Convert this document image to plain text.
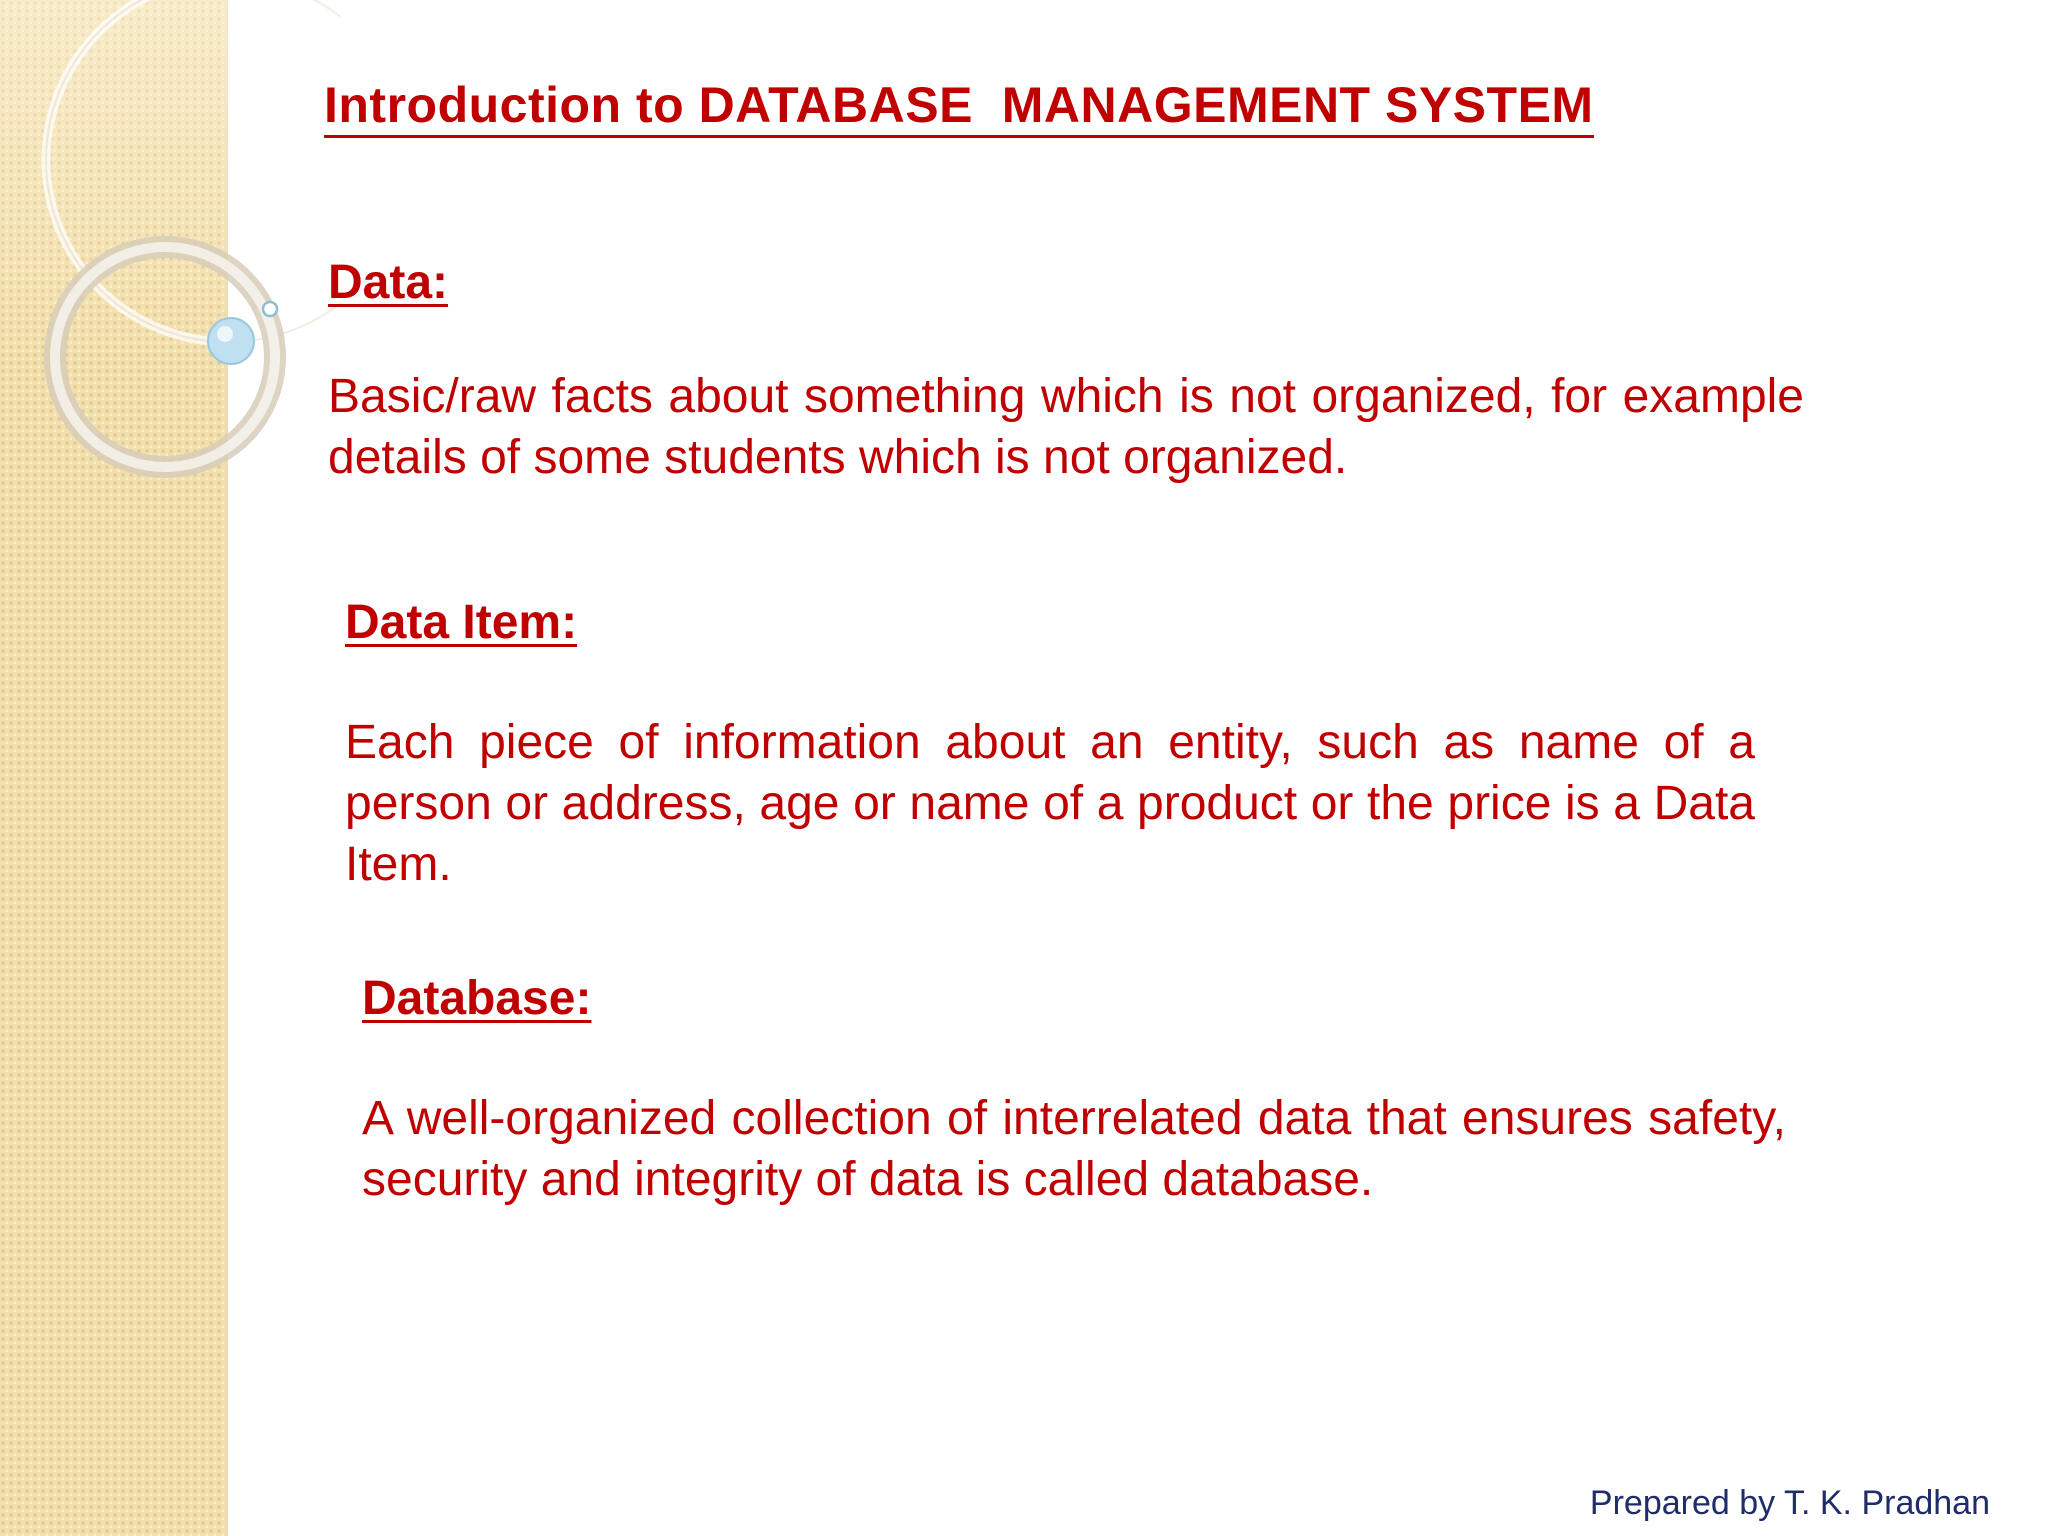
Introduction to DATABASE  MANAGEMENT SYSTEM
Data:

Basic/raw facts about something which is not organized, for example details of some students which is not organized.

Data Item:

Each piece of information about an entity, such as name of a person or address, age or name of a product or the price is a Data Item.

Database:

A well-organized collection of interrelated data that ensures safety, security and integrity of data is called database.

Prepared by T. K. Pradhan
